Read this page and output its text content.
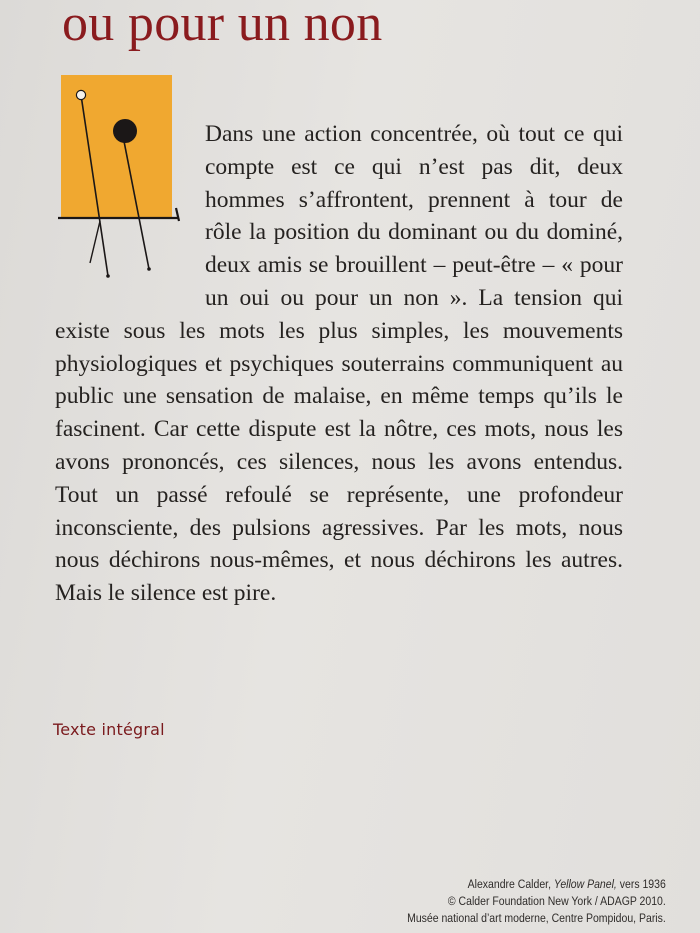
ou pour un non
Dans une action concentrée, où tout ce qui compte est ce qui n’est pas dit, deux hommes s’affrontent, prennent à tour de rôle la position du dominant ou du dominé, deux amis se brouillent – peut-être – « pour un oui ou pour un non ». La tension qui existe sous les mots les plus simples, les mouvements physiologiques et psychiques souterrains communiquent au public une sensation de malaise, en même temps qu’ils le fascinent. Car cette dispute est la nôtre, ces mots, nous les avons prononcés, ces silences, nous les avons entendus. Tout un passé refoulé se représente, une profondeur inconsciente, des pulsions agressives. Par les mots, nous nous déchirons nous-mêmes, et nous déchirons les autres. Mais le silence est pire.

Texte intégral

Alexandre Calder, Yellow Panel, vers 1936
© Calder Foundation New York / ADAGP 2010.
Musée national d’art moderne, Centre Pompidou, Paris.
